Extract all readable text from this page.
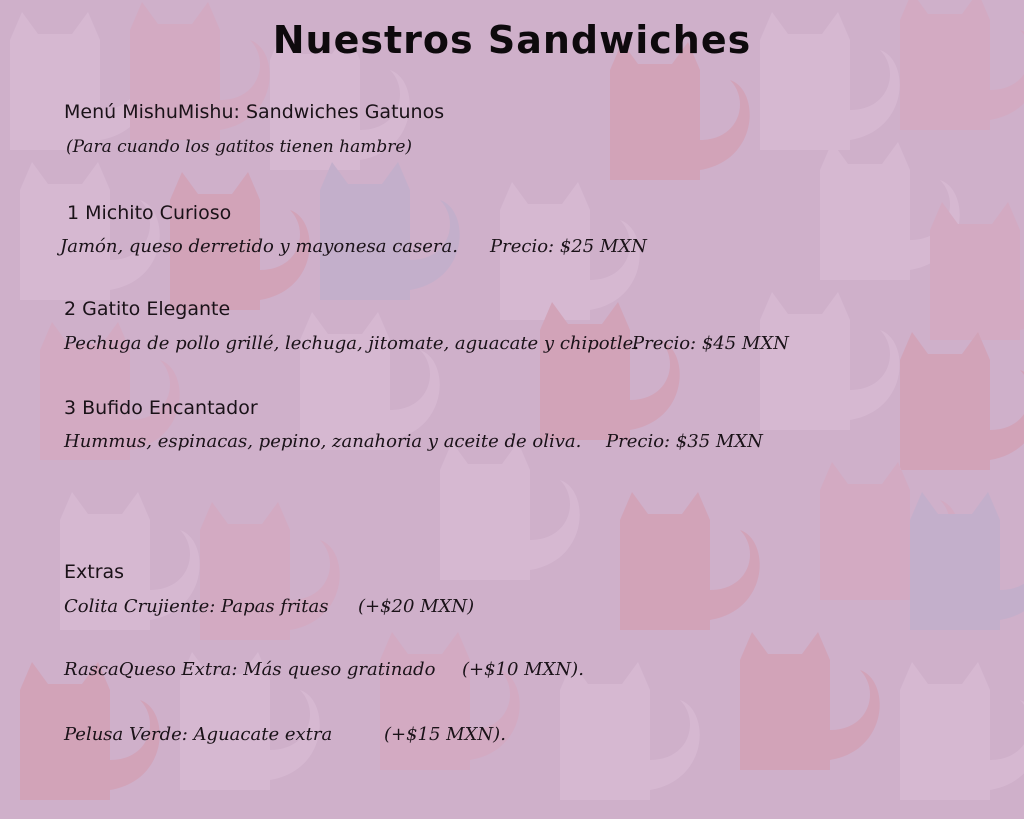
Nuestros Sandwiches
Menú MishuMishu: Sandwiches Gatunos
(Para cuando los gatitos tienen hambre)
1 Michito Curioso
Jamón, queso derretido y mayonesa casera. Precio: $25 MXN
2 Gatito Elegante
Pechuga de pollo grillé, lechuga, jitomate, aguacate y chipotle.
Precio: $45 MXN
3 Bufido Encantador
Hummus, espinacas, pepino, zanahoria y aceite de oliva. Precio: $35 MXN
Extras
Colita Crujiente: Papas fritas (+$20 MXN)
RascaQueso Extra: Más queso gratinado (+$10 MXN).
Pelusa Verde: Aguacate extra	(+$15 MXN).
